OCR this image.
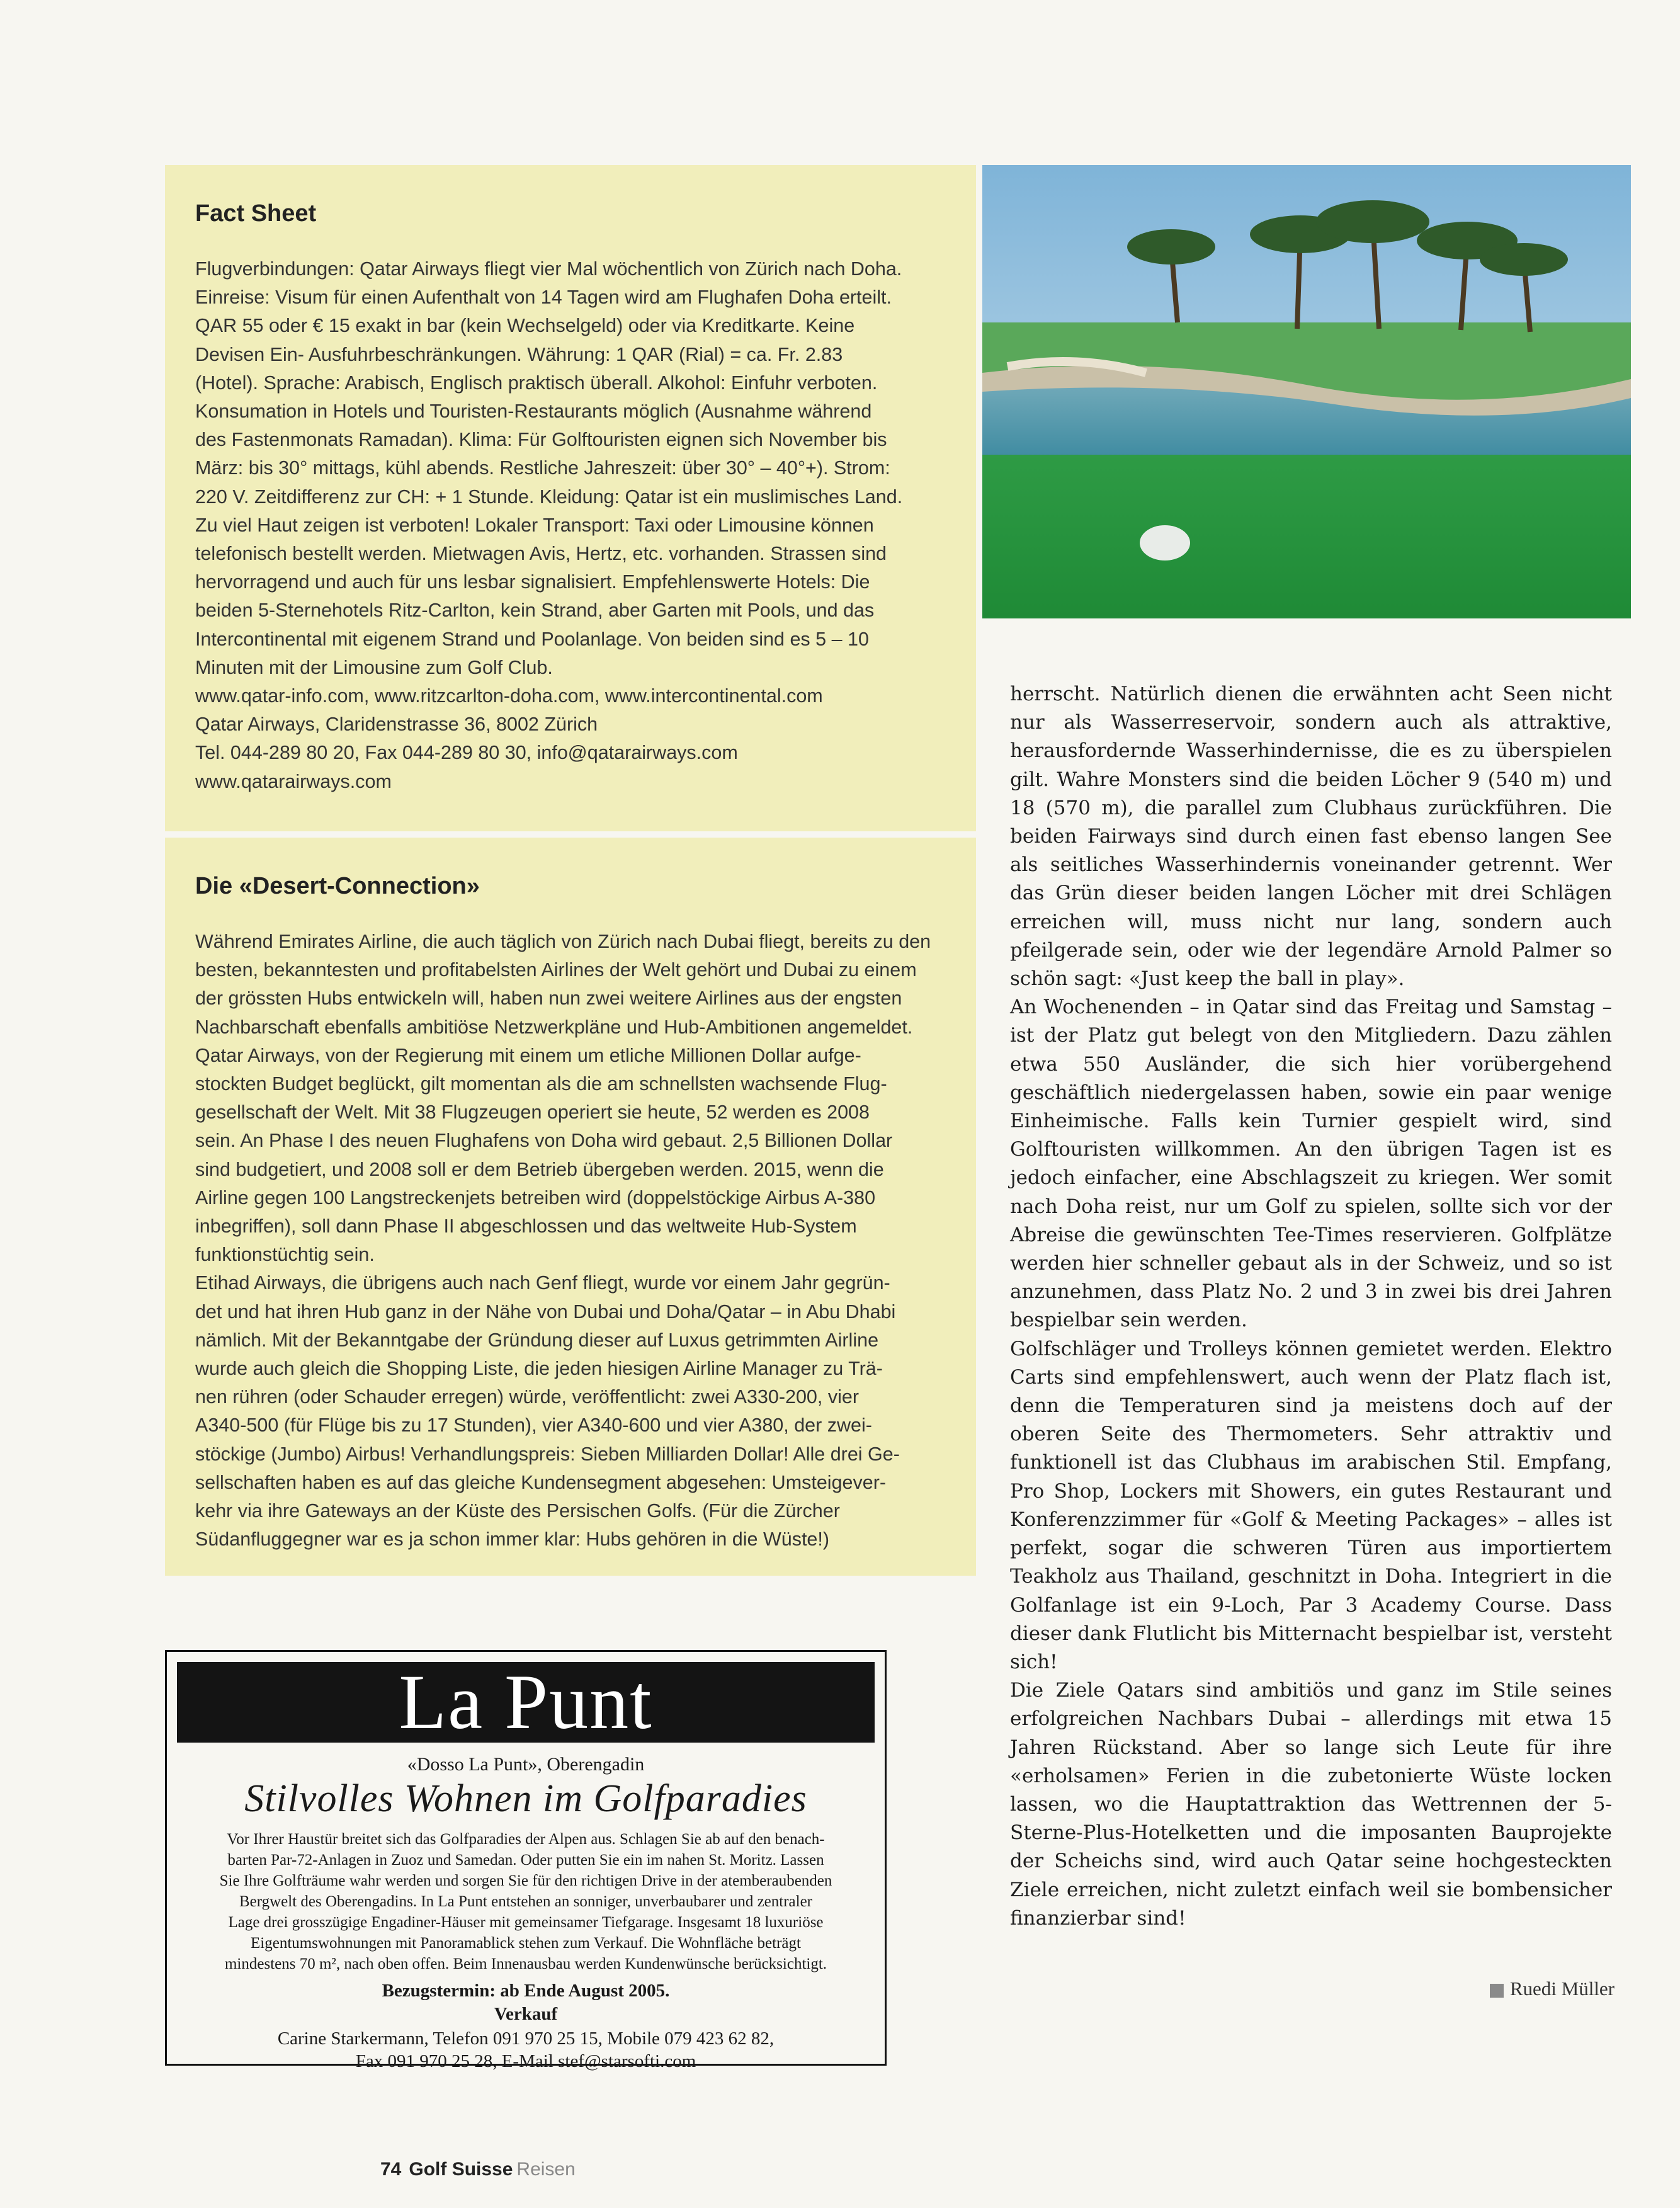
Fact Sheet

Flugverbindungen: Qatar Airways fliegt vier Mal wöchentlich von Zürich nach Doha.
Einreise: Visum für einen Aufenthalt von 14 Tagen wird am Flughafen Doha erteilt.
QAR 55 oder € 15 exakt in bar (kein Wechselgeld) oder via Kreditkarte. Keine
Devisen Ein- Ausfuhrbeschränkungen. Währung: 1 QAR (Rial) = ca. Fr. 2.83
(Hotel). Sprache: Arabisch, Englisch praktisch überall. Alkohol: Einfuhr verboten.
Konsumation in Hotels und Touristen-Restaurants möglich (Ausnahme während
des Fastenmonats Ramadan). Klima: Für Golftouristen eignen sich November bis
März: bis 30° mittags, kühl abends. Restliche Jahreszeit: über 30° – 40°+). Strom:
220 V. Zeitdifferenz zur CH: + 1 Stunde. Kleidung: Qatar ist ein muslimisches Land.
Zu viel Haut zeigen ist verboten! Lokaler Transport: Taxi oder Limousine können
telefonisch bestellt werden. Mietwagen Avis, Hertz, etc. vorhanden. Strassen sind
hervorragend und auch für uns lesbar signalisiert. Empfehlenswerte Hotels: Die
beiden 5-Sternehotels Ritz-Carlton, kein Strand, aber Garten mit Pools, und das
Intercontinental mit eigenem Strand und Poolanlage. Von beiden sind es 5 – 10
Minuten mit der Limousine zum Golf Club.
www.qatar-info.com, www.ritzcarlton-doha.com, www.intercontinental.com
Qatar Airways, Claridenstrasse 36, 8002 Zürich
Tel. 044-289 80 20, Fax 044-289 80 30, info@qatarairways.com
www.qatarairways.com

Die «Desert-Connection»

Während Emirates Airline, die auch täglich von Zürich nach Dubai fliegt, bereits zu den
besten, bekanntesten und profitabelsten Airlines der Welt gehört und Dubai zu einem
der grössten Hubs entwickeln will, haben nun zwei weitere Airlines aus der engsten
Nachbarschaft ebenfalls ambitiöse Netzwerkpläne und Hub-Ambitionen angemeldet.
Qatar Airways, von der Regierung mit einem um etliche Millionen Dollar aufge-
stockten Budget beglückt, gilt momentan als die am schnellsten wachsende Flug-
gesellschaft der Welt. Mit 38 Flugzeugen operiert sie heute, 52 werden es 2008
sein. An Phase I des neuen Flughafens von Doha wird gebaut. 2,5 Billionen Dollar
sind budgetiert, und 2008 soll er dem Betrieb übergeben werden. 2015, wenn die
Airline gegen 100 Langstreckenjets betreiben wird (doppelstöckige Airbus A-380
inbegriffen), soll dann Phase II abgeschlossen und das weltweite Hub-System
funktionstüchtig sein.
Etihad Airways, die übrigens auch nach Genf fliegt, wurde vor einem Jahr gegrün-
det und hat ihren Hub ganz in der Nähe von Dubai und Doha/Qatar – in Abu Dhabi
nämlich. Mit der Bekanntgabe der Gründung dieser auf Luxus getrimmten Airline
wurde auch gleich die Shopping Liste, die jeden hiesigen Airline Manager zu Trä-
nen rühren (oder Schauder erregen) würde, veröffentlicht: zwei A330-200, vier
A340-500 (für Flüge bis zu 17 Stunden), vier A340-600 und vier A380, der zwei-
stöckige (Jumbo) Airbus! Verhandlungspreis: Sieben Milliarden Dollar! Alle drei Ge-
sellschaften haben es auf das gleiche Kundensegment abgesehen: Umsteigever-
kehr via ihre Gateways an der Küste des Persischen Golfs. (Für die Zürcher
Südanfluggegner war es ja schon immer klar: Hubs gehören in die Wüste!)

herrscht. Natürlich dienen die erwähnten acht Seen nicht nur als Wasserreservoir, sondern auch als attraktive, herausfordernde Wasserhindernisse, die es zu überspielen gilt. Wahre Monsters sind die beiden Löcher 9 (540 m) und 18 (570 m), die parallel zum Clubhaus zurückführen. Die beiden Fairways sind durch einen fast ebenso langen See als seitliches Wasserhindernis voneinander getrennt. Wer das Grün dieser beiden langen Löcher mit drei Schlägen erreichen will, muss nicht nur lang, sondern auch pfeilgerade sein, oder wie der legendäre Arnold Palmer so schön sagt: «Just keep the ball in play».

An Wochenenden – in Qatar sind das Freitag und Samstag – ist der Platz gut belegt von den Mitgliedern. Dazu zählen etwa 550 Ausländer, die sich hier vorübergehend geschäftlich niedergelassen haben, sowie ein paar wenige Einheimische. Falls kein Turnier gespielt wird, sind Golftouristen willkommen. An den übrigen Tagen ist es jedoch einfacher, eine Abschlagszeit zu kriegen. Wer somit nach Doha reist, nur um Golf zu spielen, sollte sich vor der Abreise die gewünschten Tee-Times reservieren. Golfplätze werden hier schneller gebaut als in der Schweiz, und so ist anzunehmen, dass Platz No. 2 und 3 in zwei bis drei Jahren bespielbar sein werden.

Golfschläger und Trolleys können gemietet werden. Elektro Carts sind empfehlenswert, auch wenn der Platz flach ist, denn die Temperaturen sind ja meistens doch auf der oberen Seite des Thermometers. Sehr attraktiv und funktionell ist das Clubhaus im arabischen Stil. Empfang, Pro Shop, Lockers mit Showers, ein gutes Restaurant und Konferenzzimmer für «Golf & Meeting Packages» – alles ist perfekt, sogar die schweren Türen aus importiertem Teakholz aus Thailand, geschnitzt in Doha. Integriert in die Golfanlage ist ein 9-Loch, Par 3 Academy Course. Dass dieser dank Flutlicht bis Mitternacht bespielbar ist, versteht sich!

Die Ziele Qatars sind ambitiös und ganz im Stile seines erfolgreichen Nachbars Dubai – allerdings mit etwa 15 Jahren Rückstand. Aber so lange sich Leute für ihre «erholsamen» Ferien in die zubetonierte Wüste locken lassen, wo die Hauptattraktion das Wettrennen der 5-Sterne-Plus-Hotelketten und die imposanten Bauprojekte der Scheichs sind, wird auch Qatar seine hochgesteckten Ziele erreichen, nicht zuletzt einfach weil sie bombensicher finanzierbar sind!

Ruedi Müller
La Punt
«Dosso La Punt», Oberengadin
Stilvolles Wohnen im Golfparadies
Vor Ihrer Haustür breitet sich das Golfparadies der Alpen aus. Schlagen Sie ab auf den benach-
barten Par-72-Anlagen in Zuoz und Samedan. Oder putten Sie ein im nahen St. Moritz. Lassen
Sie Ihre Golfträume wahr werden und sorgen Sie für den richtigen Drive in der atemberaubenden
Bergwelt des Oberengadins. In La Punt entstehen an sonniger, unverbaubarer und zentraler
Lage drei grosszügige Engadiner-Häuser mit gemeinsamer Tiefgarage. Insgesamt 18 luxuriöse
Eigentumswohnungen mit Panoramablick stehen zum Verkauf. Die Wohnfläche beträgt
mindestens 70 m², nach oben offen. Beim Innenausbau werden Kundenwünsche berücksichtigt.
Bezugstermin: ab Ende August 2005.
Verkauf
Carine Starkermann, Telefon 091 970 25 15, Mobile 079 423 62 82,
Fax 091 970 25 28, E-Mail stef@starsofti.com
74 Golf Suisse Reisen
